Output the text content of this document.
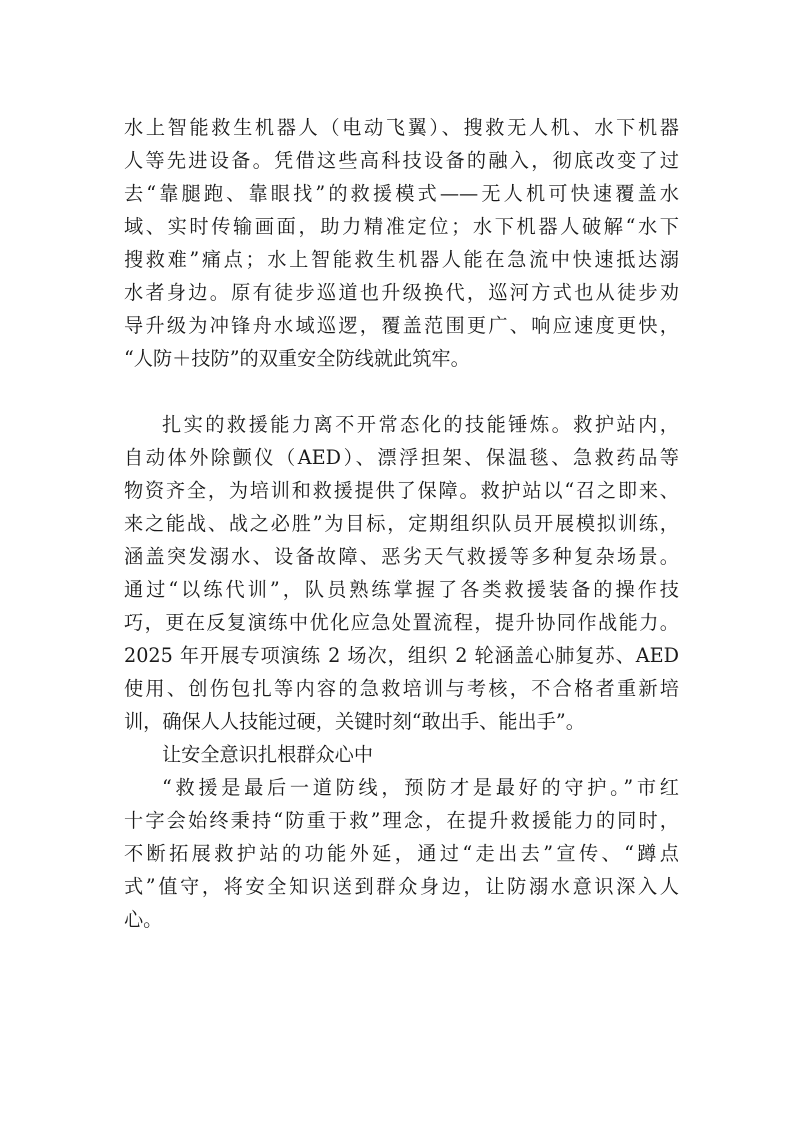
水上智能救生机器人（电动飞翼）、搜救无人机、水下机器
人等先进设备。凭借这些高科技设备的融入，彻底改变了过
去“靠腿跑、靠眼找”的救援模式——无人机可快速覆盖水
域、实时传输画面，助力精准定位；水下机器人破解“水下
搜救难”痛点；水上智能救生机器人能在急流中快速抵达溺
水者身边。原有徒步巡道也升级换代，巡河方式也从徒步劝
导升级为冲锋舟水域巡逻，覆盖范围更广、响应速度更快，
“人防＋技防”的双重安全防线就此筑牢。
扎实的救援能力离不开常态化的技能锤炼。救护站内，
自动体外除颤仪（AED）、漂浮担架、保温毯、急救药品等
物资齐全，为培训和救援提供了保障。救护站以“召之即来、
来之能战、战之必胜”为目标，定期组织队员开展模拟训练，
涵盖突发溺水、设备故障、恶劣天气救援等多种复杂场景。
通过“以练代训”，队员熟练掌握了各类救援装备的操作技
巧，更在反复演练中优化应急处置流程，提升协同作战能力。
2025 年开展专项演练 2 场次，组织 2 轮涵盖心肺复苏、AED
使用、创伤包扎等内容的急救培训与考核，不合格者重新培
训，确保人人技能过硬，关键时刻“敢出手、能出手”。
让安全意识扎根群众心中
“救援是最后一道防线，预防才是最好的守护。”市红
十字会始终秉持“防重于救”理念，在提升救援能力的同时，
不断拓展救护站的功能外延，通过“走出去”宣传、“蹲点
式”值守，将安全知识送到群众身边，让防溺水意识深入人
心。
